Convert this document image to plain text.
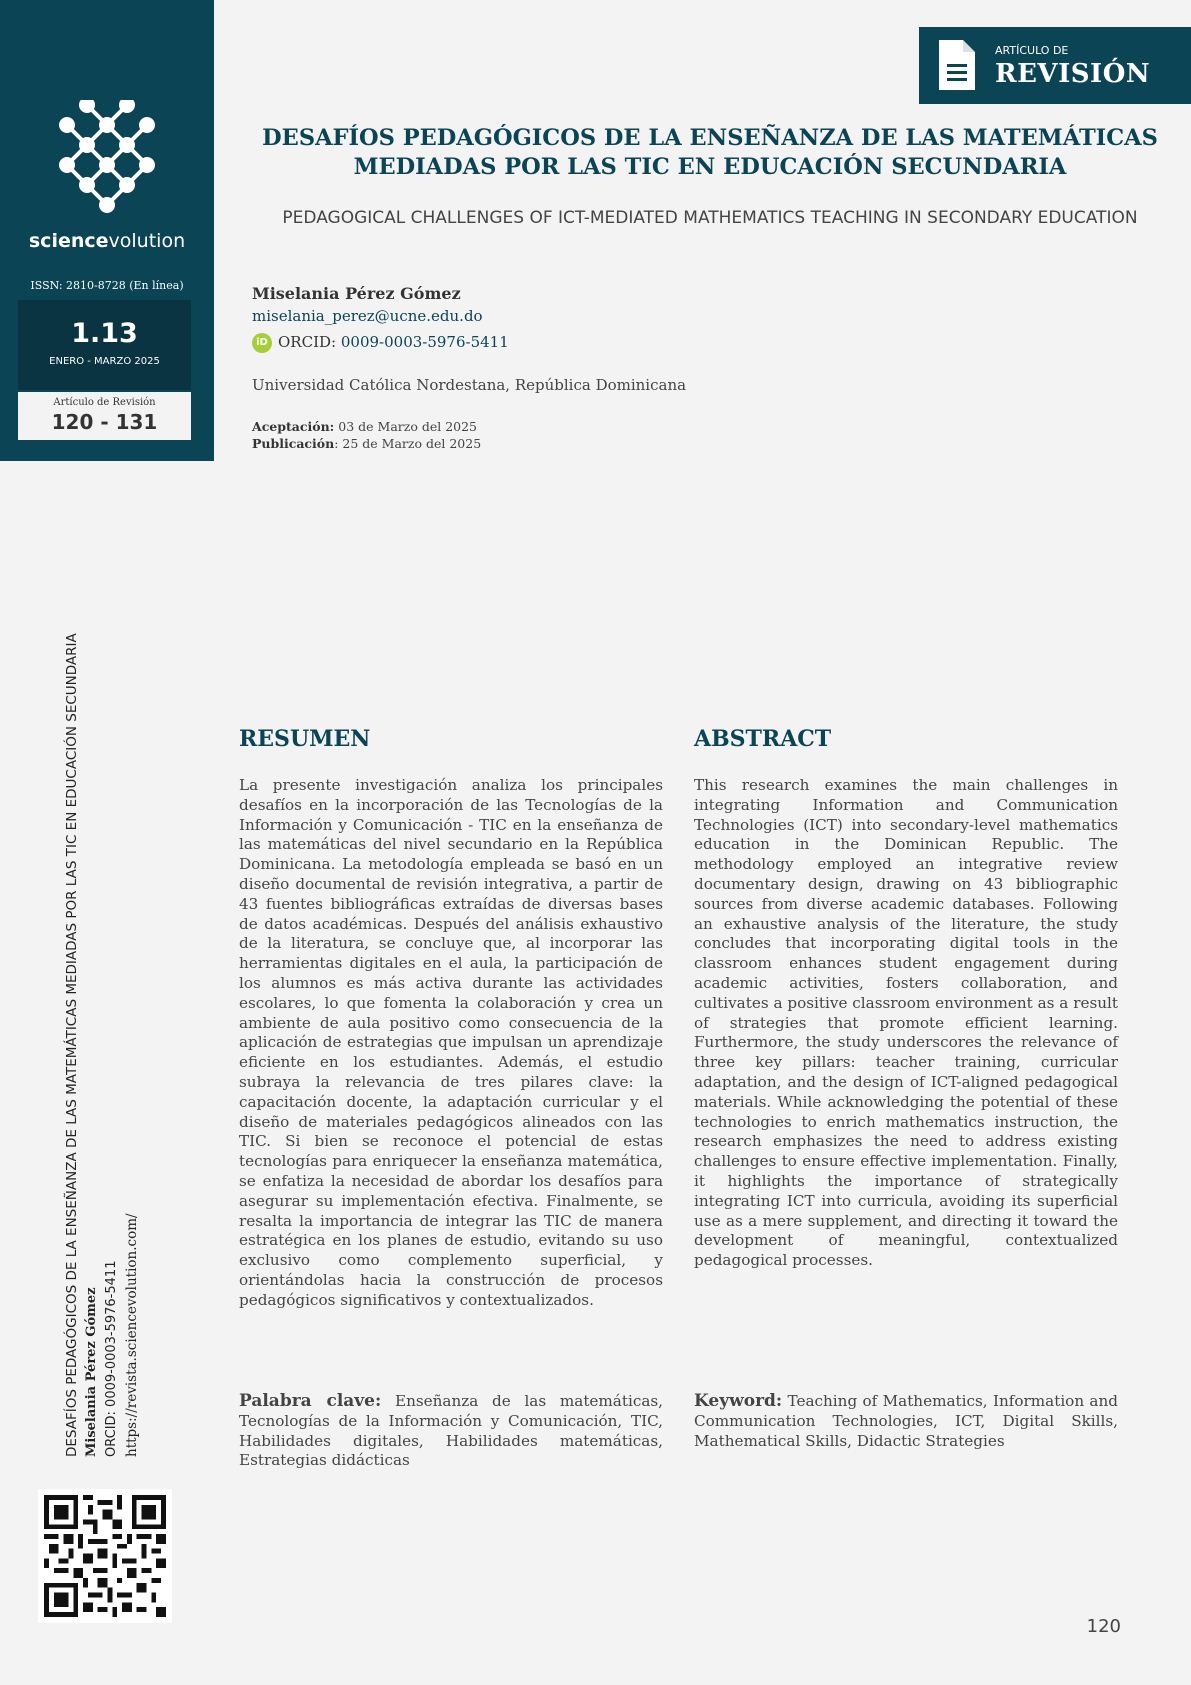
sciencevolution
ISSN: 2810-8728 (En línea)
1.13
ENERO - MARZO 2025
Artículo de Revisión
120 - 131
ARTÍCULO DE
REVISIÓN
DESAFÍOS PEDAGÓGICOS DE LA ENSEÑANZA DE LAS MATEMÁTICAS MEDIADAS POR LAS TIC EN EDUCACIÓN SECUNDARIA
PEDAGOGICAL CHALLENGES OF ICT-MEDIATED MATHEMATICS TEACHING IN SECONDARY EDUCATION
Miselania Pérez Gómez
miselania_perez@ucne.edu.do
iD ORCID: 0009-0003-5976-5411
Universidad Católica Nordestana, República Dominicana
Aceptación: 03 de Marzo del 2025
Publicación: 25 de Marzo del 2025
DESAFÍOS PEDAGÓGICOS DE LA ENSEÑANZA DE LAS MATEMÁTICAS MEDIADAS POR LAS TIC EN EDUCACIÓN SECUNDARIA Miselania Pérez Gómez ORCID: 0009-0003-5976-5411 https://revista.sciencevolution.com/
RESUMEN
La presente investigación analiza los principales desafíos en la incorporación de las Tecnologías de la Información y Comunicación - TIC en la enseñanza de las matemáticas del nivel secundario en la República Dominicana. La metodología empleada se basó en un diseño documental de revisión integrativa, a partir de 43 fuentes bibliográficas extraídas de diversas bases de datos académicas. Después del análisis exhaustivo de la literatura, se concluye que, al incorporar las herramientas digitales en el aula, la participación de los alumnos es más activa durante las actividades escolares, lo que fomenta la colaboración y crea un ambiente de aula positivo como consecuencia de la aplicación de estrategias que impulsan un aprendizaje eficiente en los estudiantes. Además, el estudio subraya la relevancia de tres pilares clave: la capacitación docente, la adaptación curricular y el diseño de materiales pedagógicos alineados con las TIC. Si bien se reconoce el potencial de estas tecnologías para enriquecer la enseñanza matemática, se enfatiza la necesidad de abordar los desafíos para asegurar su implementación efectiva. Finalmente, se resalta la importancia de integrar las TIC de manera estratégica en los planes de estudio, evitando su uso exclusivo como complemento superficial, y orientándolas hacia la construcción de procesos pedagógicos significativos y contextualizados.
Palabra clave: Enseñanza de las matemáticas, Tecnologías de la Información y Comunicación, TIC, Habilidades digitales, Habilidades matemáticas, Estrategias didácticas
ABSTRACT
This research examines the main challenges in integrating Information and Communication Technologies (ICT) into secondary-level mathematics education in the Dominican Republic. The methodology employed an integrative review documentary design, drawing on 43 bibliographic sources from diverse academic databases. Following an exhaustive analysis of the literature, the study concludes that incorporating digital tools in the classroom enhances student engagement during academic activities, fosters collaboration, and cultivates a positive classroom environment as a result of strategies that promote efficient learning. Furthermore, the study underscores the relevance of three key pillars: teacher training, curricular adaptation, and the design of ICT-aligned pedagogical materials. While acknowledging the potential of these technologies to enrich mathematics instruction, the research emphasizes the need to address existing challenges to ensure effective implementation. Finally, it highlights the importance of strategically integrating ICT into curricula, avoiding its superficial use as a mere supplement, and directing it toward the development of meaningful, contextualized pedagogical processes.
Keyword: Teaching of Mathematics, Information and Communication Technologies, ICT, Digital Skills, Mathematical Skills, Didactic Strategies
120
